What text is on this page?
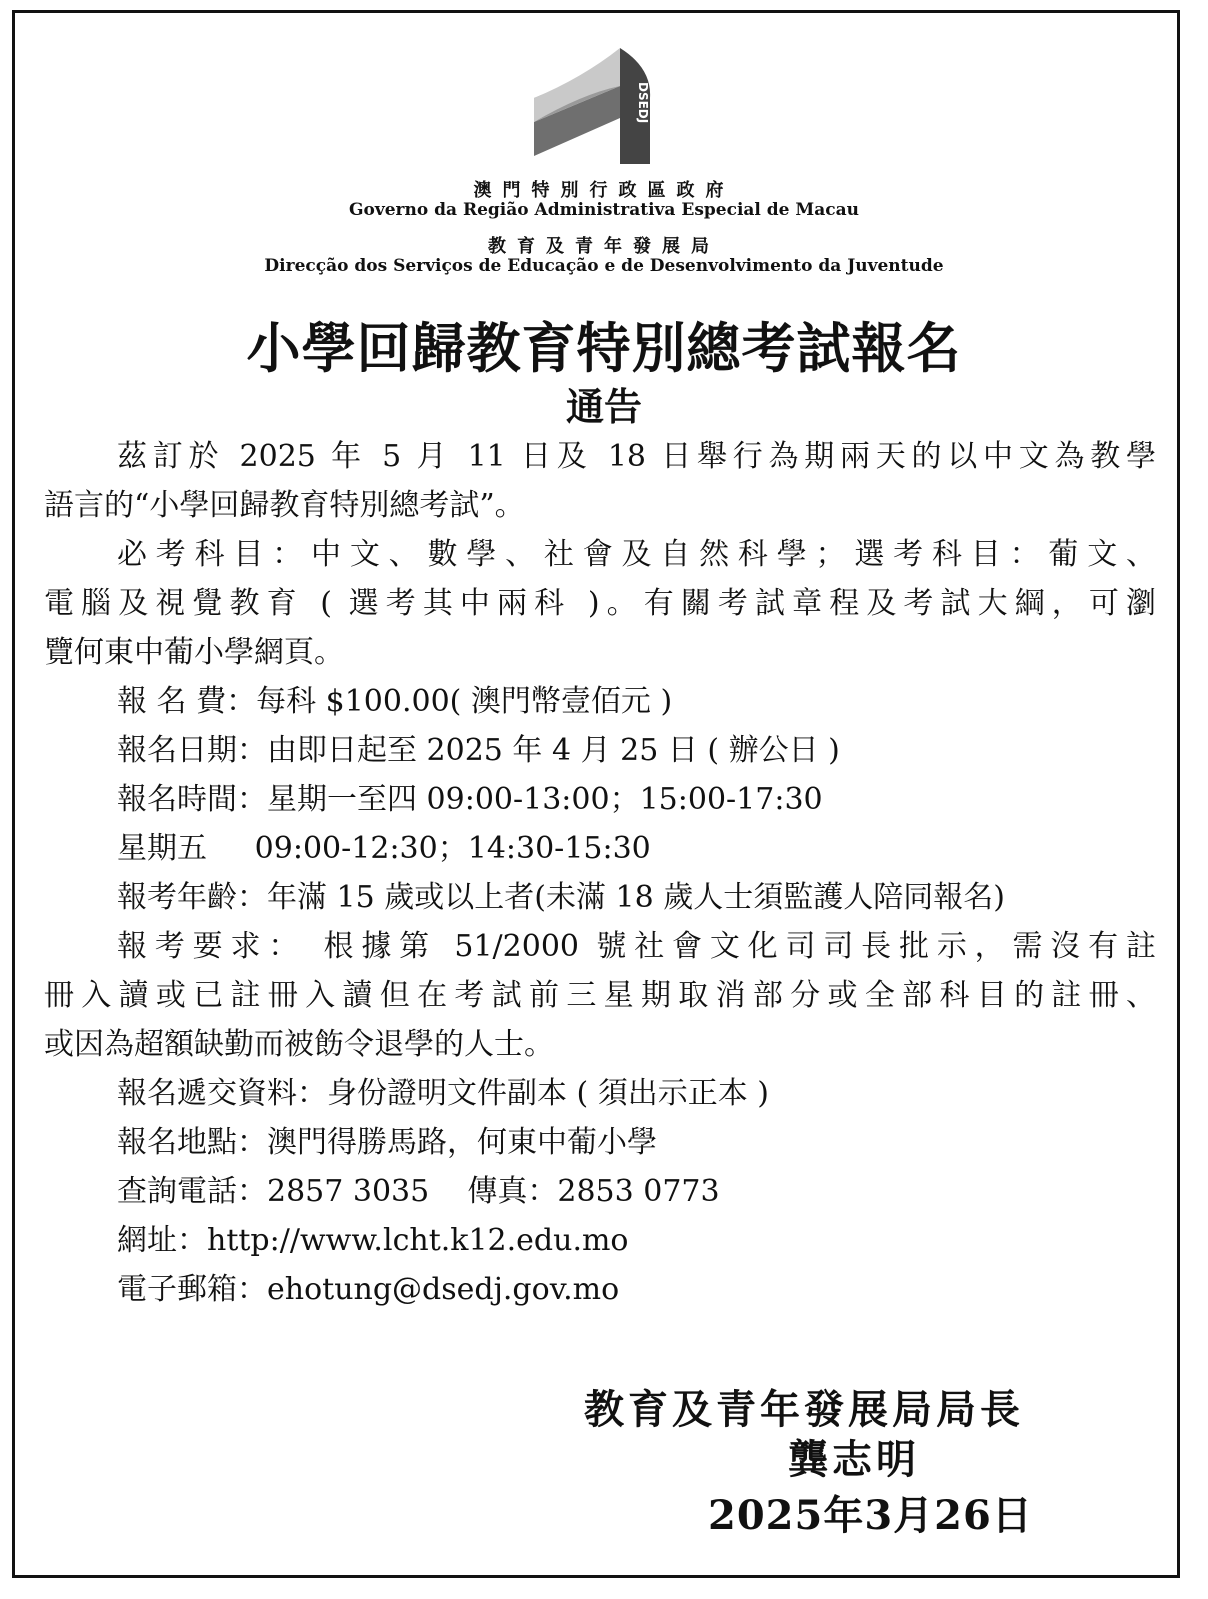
DSEDJ
澳門特別行政區政府
Governo da Região Administrativa Especial de Macau
教育及青年發展局
Direcção dos Serviços de Educação e de Desenvolvimento da Juventude
小學回歸教育特別總考試報名
通告

茲訂於 2025 年 5 月 11 日及 18 日舉行為期兩天的以中文為教學

語言的“小學回歸教育特別總考試”。

必考科目：中文、數學、社會及自然科學；選考科目：葡文、

電腦及視覺教育 ( 選考其中兩科 )。有關考試章程及考試大綱，可瀏

覽何東中葡小學網頁。

報 名 費：每科 $100.00( 澳門幣壹佰元 )
報名日期：由即日起至 2025 年 4 月 25 日 ( 辦公日 )
報名時間：星期一至四 09:00-13:00；15:00-17:30
星期五     09:00-12:30；14:30-15:30
報考年齡：年滿 15 歲或以上者(未滿 18 歲人士須監護人陪同報名)

報考要求： 根據第 51/2000 號社會文化司司長批示，需沒有註

冊入讀或已註冊入讀但在考試前三星期取消部分或全部科目的註冊、

或因為超額缺勤而被飭令退學的人士。

報名遞交資料：身份證明文件副本 ( 須出示正本 )
報名地點：澳門得勝馬路，何東中葡小學
查詢電話：2857 3035    傳真：2853 0773
網址：http://www.lcht.k12.edu.mo
電子郵箱：ehotung@dsedj.gov.mo
教育及青年發展局局長
龔志明
2025年3月26日
